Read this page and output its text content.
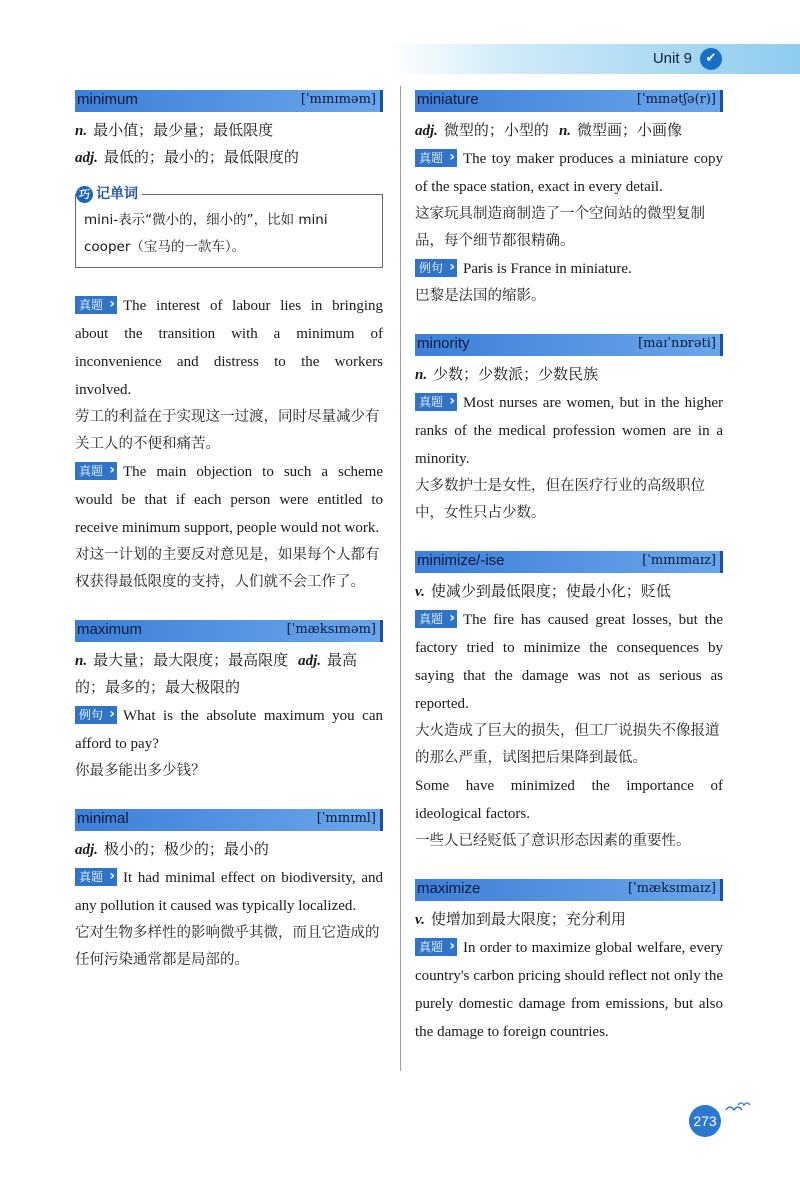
Unit 9	✔
minimum	[ˈmɪnɪməm]

n. 最小值；最少量；最低限度

adj. 最低的；最小的；最低限度的

巧 记单词
mini-表示“微小的，细小的”，比如 mini cooper（宝马的一款车）。

真题 › The interest of labour lies in bringing about the transition with a minimum of inconvenience and distress to the workers involved.

劳工的利益在于实现这一过渡，同时尽量减少有关工人的不便和痛苦。

真题 › The main objection to such a scheme would be that if each person were entitled to receive minimum support, people would not work.

对这一计划的主要反对意见是，如果每个人都有权获得最低限度的支持，人们就不会工作了。

maximum	[ˈmæksɪməm]

n. 最大量；最大限度；最高限度 adj. 最高的；最多的；最大极限的

例句 › What is the absolute maximum you can afford to pay?

你最多能出多少钱？

minimal	[ˈmɪnɪml]

adj. 极小的；极少的；最小的

真题 › It had minimal effect on biodiversity, and any pollution it caused was typically localized.

它对生物多样性的影响微乎其微，而且它造成的任何污染通常都是局部的。

miniature	[ˈmɪnətʃə(r)]

adj. 微型的；小型的 n. 微型画；小画像

真题 › The toy maker produces a miniature copy of the space station, exact in every detail.

这家玩具制造商制造了一个空间站的微型复制品，每个细节都很精确。

例句 › Paris is France in miniature.

巴黎是法国的缩影。

minority	[maɪˈnɒrəti]

n. 少数；少数派；少数民族

真题 › Most nurses are women, but in the higher ranks of the medical profession women are in a minority.

大多数护士是女性，但在医疗行业的高级职位中，女性只占少数。

minimize/-ise	[ˈmɪnɪmaɪz]

v. 使减少到最低限度；使最小化；贬低

真题 › The fire has caused great losses, but the factory tried to minimize the consequences by saying that the damage was not as serious as reported.

大火造成了巨大的损失，但工厂说损失不像报道的那么严重，试图把后果降到最低。

Some have minimized the importance of ideological factors.

一些人已经贬低了意识形态因素的重要性。

maximize	[ˈmæksɪmaɪz]

v. 使增加到最大限度；充分利用

真题 › In order to maximize global welfare, every country's carbon pricing should reflect not only the purely domestic damage from emissions, but also the damage to foreign countries.

273
